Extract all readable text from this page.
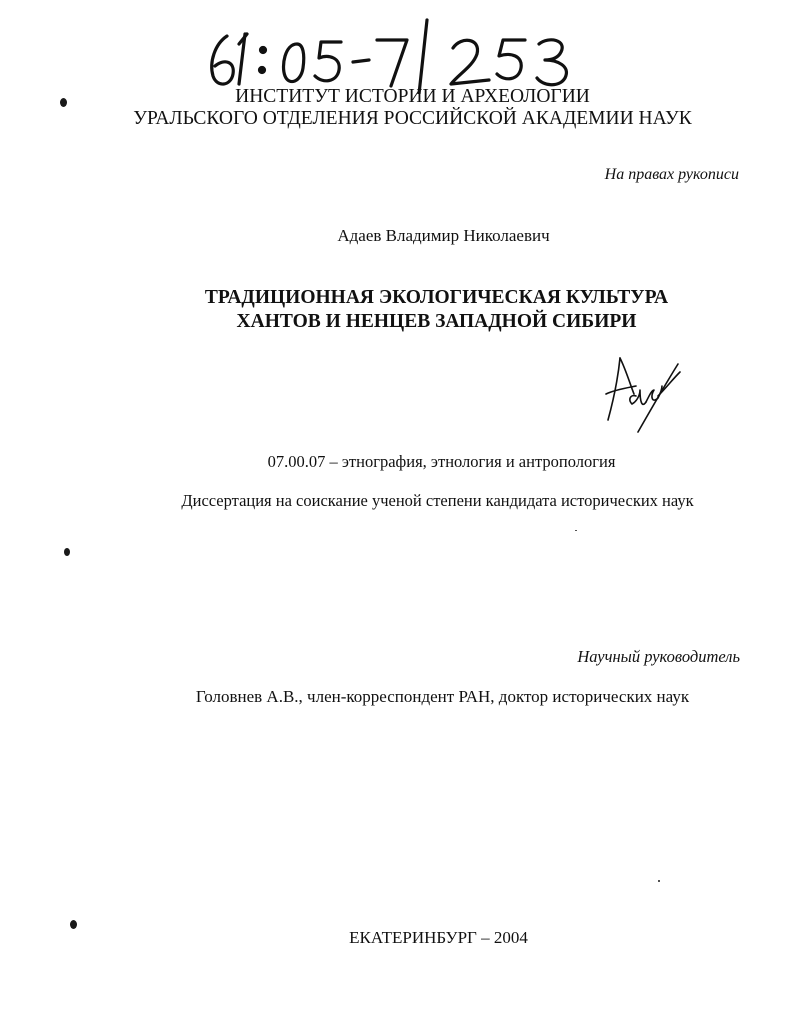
ИНСТИТУТ ИСТОРИИ И АРХЕОЛОГИИ
УРАЛЬСКОГО ОТДЕЛЕНИЯ РОССИЙСКОЙ АКАДЕМИИ НАУК
На правах рукописи
Адаев Владимир Николаевич
ТРАДИЦИОННАЯ ЭКОЛОГИЧЕСКАЯ КУЛЬТУРА
ХАНТОВ И НЕНЦЕВ ЗАПАДНОЙ СИБИРИ
07.00.07 – этнография, этнология и антропология
Диссертация на соискание ученой степени кандидата исторических наук
Научный руководитель
Головнев А.В., член-корреспондент РАН, доктор исторических наук
ЕКАТЕРИНБУРГ – 2004
